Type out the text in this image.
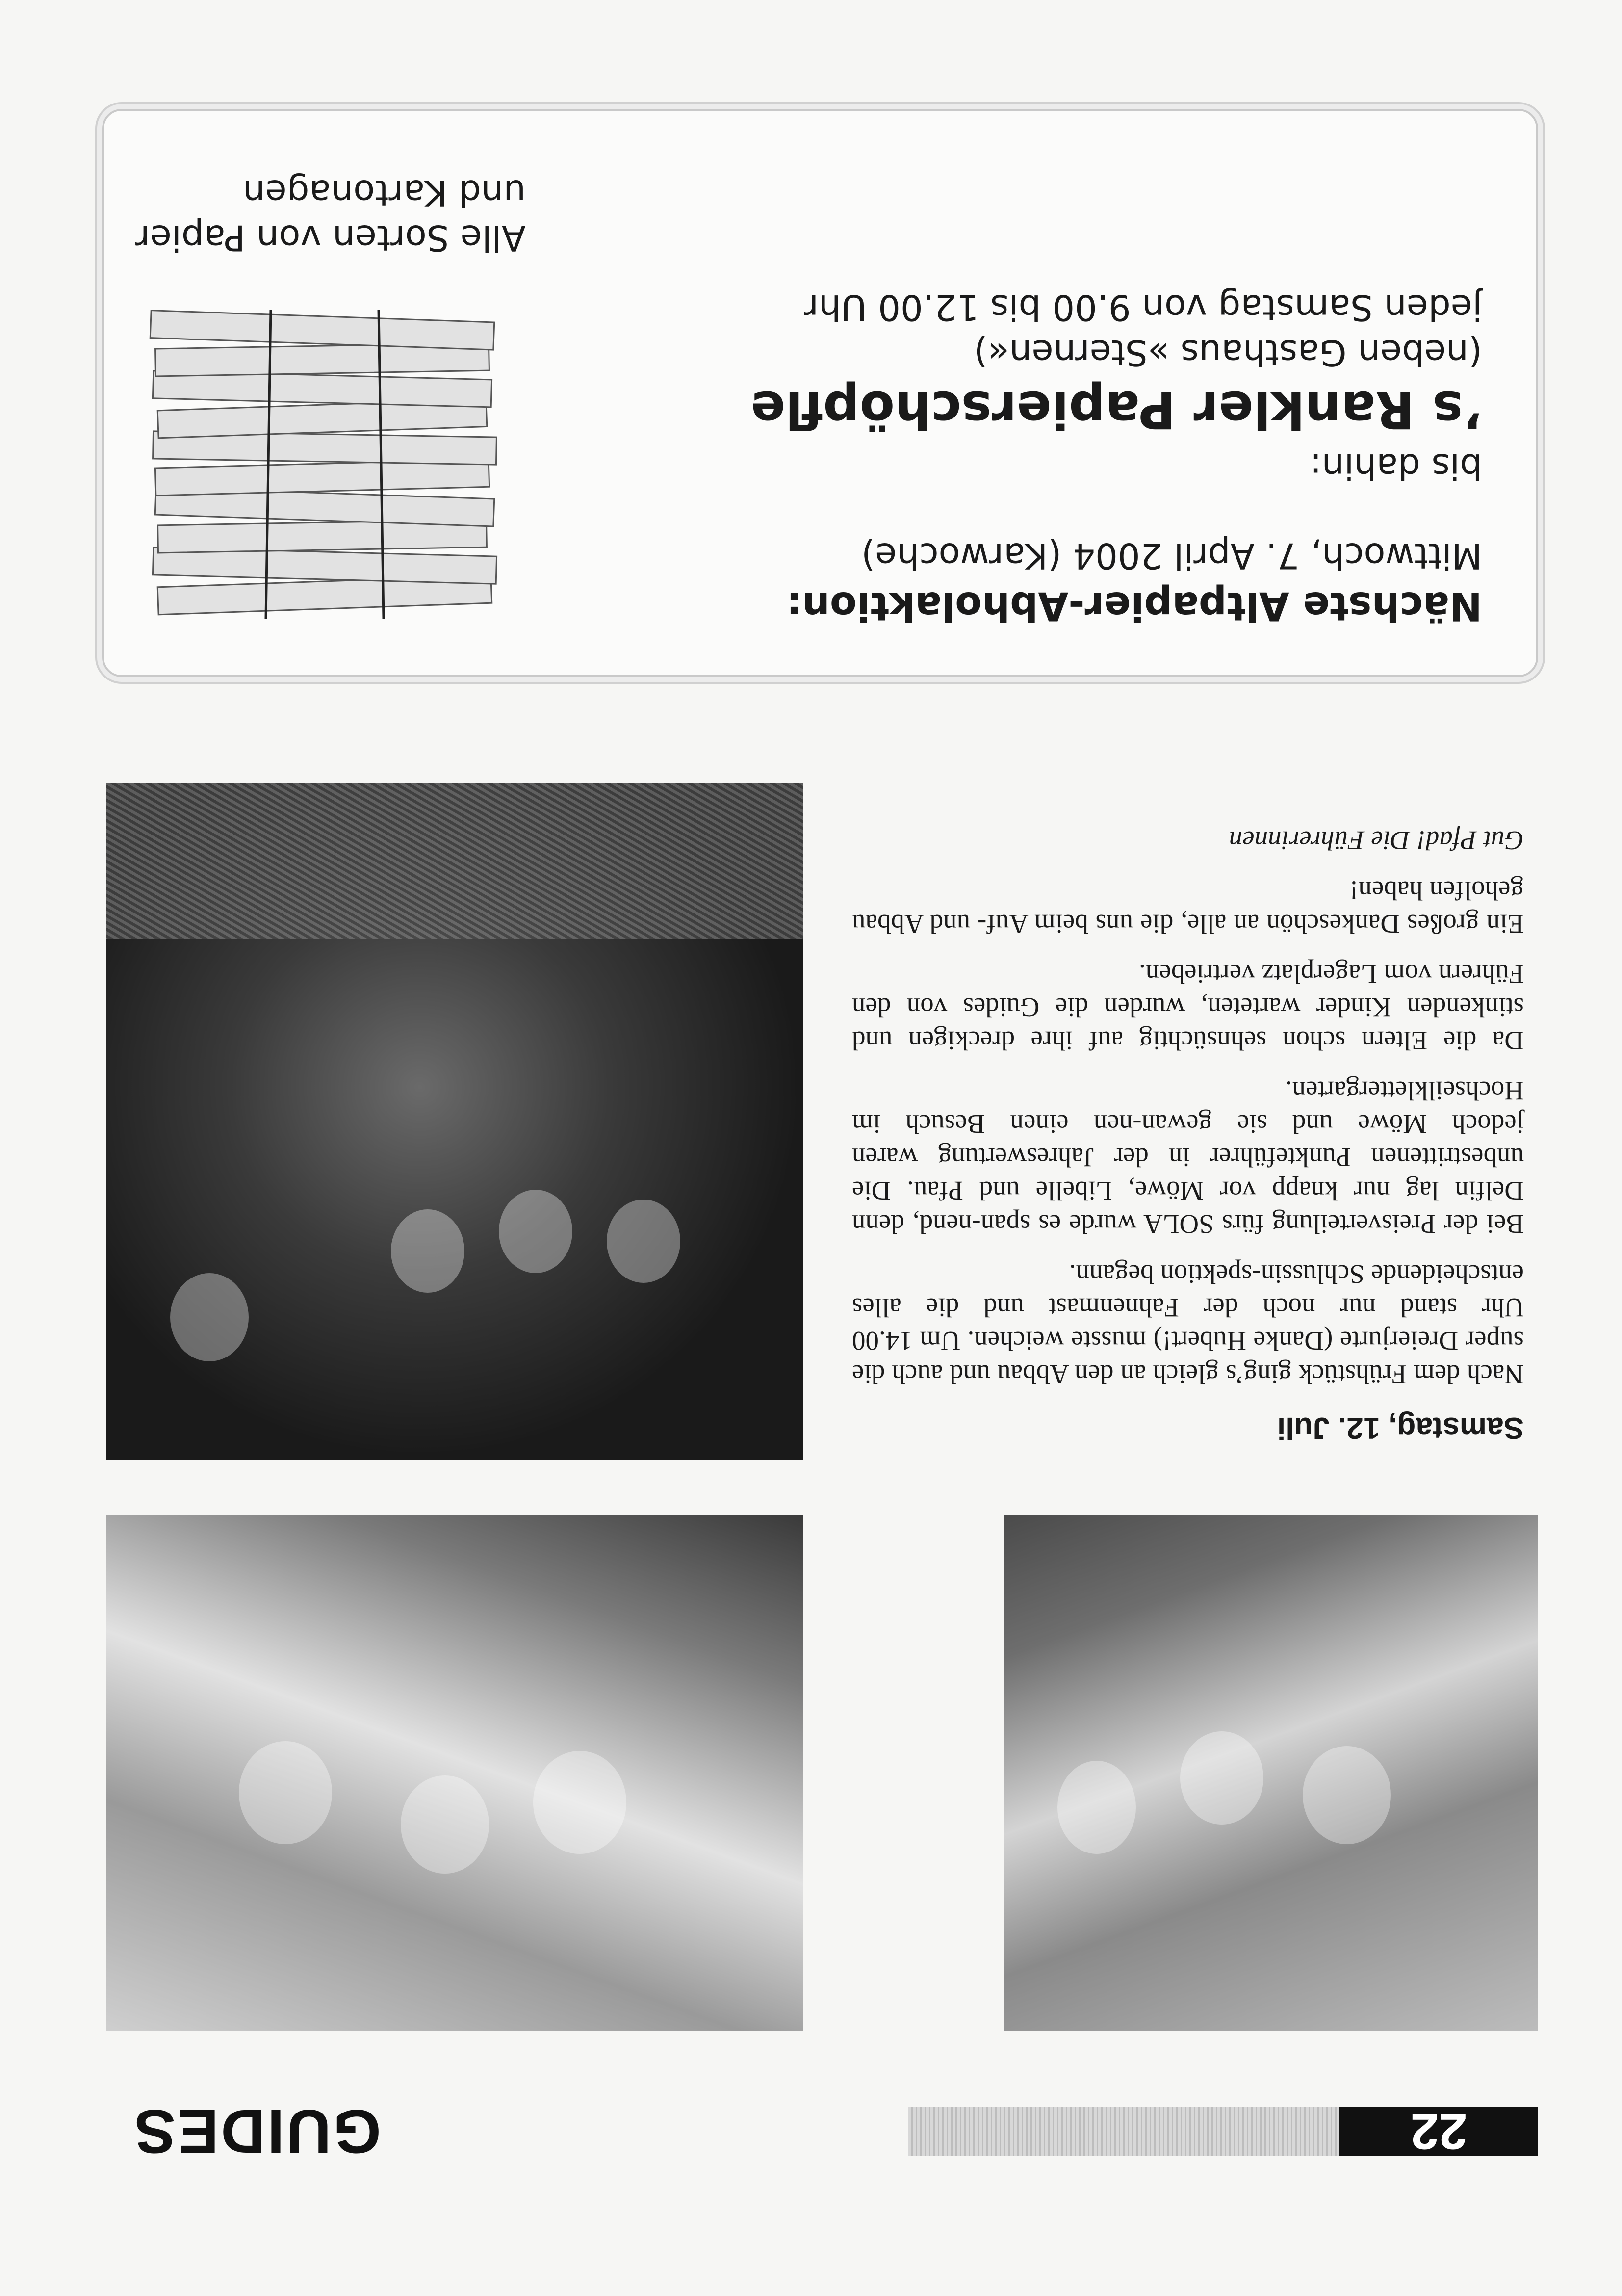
22
GUIDES
Samstag, 12. Juli

Nach dem Frühstück ging’s gleich an den Abbau und auch die super Dreierjurte (Danke Hubert!) musste weichen. Um 14.00 Uhr stand nur noch der Fahnenmast und die alles entscheidende Schlussin-spektion begann.

Bei der Preisverteilung fürs SOLA wurde es span-nend, denn Delfin lag nur knapp vor Möwe, Libelle und Pfau. Die unbestrittenen Punkteführer in der Jahreswertung waren jedoch Möwe und sie gewan-nen einen Besuch im Hochseilklettergarten.

Da die Eltern schon sehnsüchtig auf ihre dreckigen und stinkenden Kinder warteten, wurden die Guides von den Führern vom Lagerplatz vertrieben.

Ein großes Dankeschön an alle, die uns beim Auf- und Abbau geholfen haben!

Gut Pfad! Die Führerinnen

Nächste Altpapier-Abholaktion:

Mittwoch, 7. April 2004 (Karwoche)

bis dahin:

’s Rankler Papierschöpfle

(neben Gasthaus »Sternen«)

jeden Samstag von 9.00 bis 12.00 Uhr

Alle Sorten von Papier und Kartonagen
